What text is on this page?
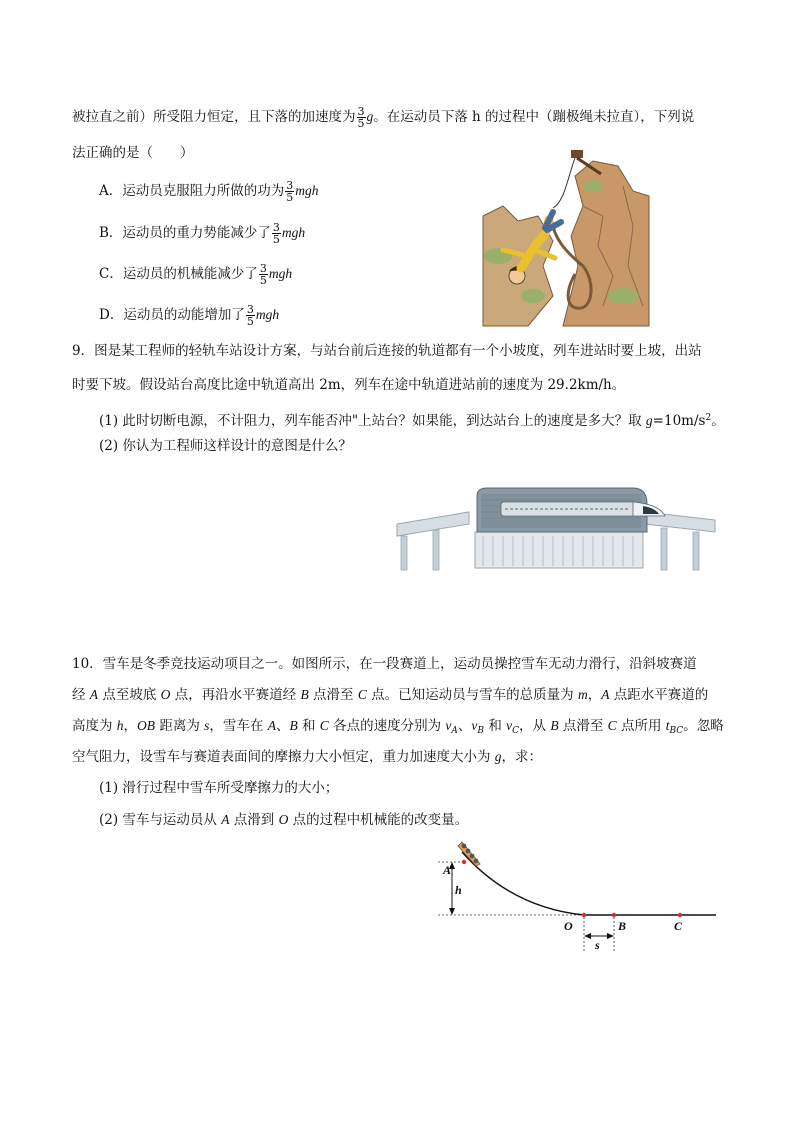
被拉直之前）所受阻力恒定，且下落的加速度为 $\frac{3}{5}$ g。在运动员下落 h 的过程中（蹦极绳未拉直），下列说
法正确的是（　　）
A．运动员克服阻力所做的功为 $\frac{3}{5}$ mgh
B．运动员的重力势能减少了 $\frac{3}{5}$ mgh
C．运动员的机械能减少了 $\frac{3}{5}$ mgh
D．运动员的动能增加了 $\frac{3}{5}$ mgh
9．图是某工程师的轻轨车站设计方案，与站台前后连接的轨道都有一个小坡度，列车进站时要上坡，出站
时要下坡。假设站台高度比途中轨道高出 2m，列车在途中轨道进站前的速度为 29.2km/h。
(1) 此时切断电源，不计阻力，列车能否冲"上站台？如果能，到达站台上的速度是多大？取 $g=10m/s^2$。
(2) 你认为工程师这样设计的意图是什么？
10．雪车是冬季竞技运动项目之一。如图所示，在一段赛道上，运动员操控雪车无动力滑行，沿斜坡赛道
经 A 点至坡底 O 点，再沿水平赛道经 B 点滑至 C 点。已知运动员与雪车的总质量为 m，A 点距水平赛道的
高度为 h，OB 距离为 s，雪车在 A、B 和 C 各点的速度分别为 $v_A$、$v_B$ 和 $v_C$，从 B 点滑至 C 点所用 $t_{BC}$。忽略
空气阻力，设雪车与赛道表面间的摩擦力大小恒定，重力加速度大小为 g，求：
(1) 滑行过程中雪车所受摩擦力的大小；
(2) 雪车与运动员从 A 点滑到 O 点的过程中机械能的改变量。
A
h
O	B	C
s
